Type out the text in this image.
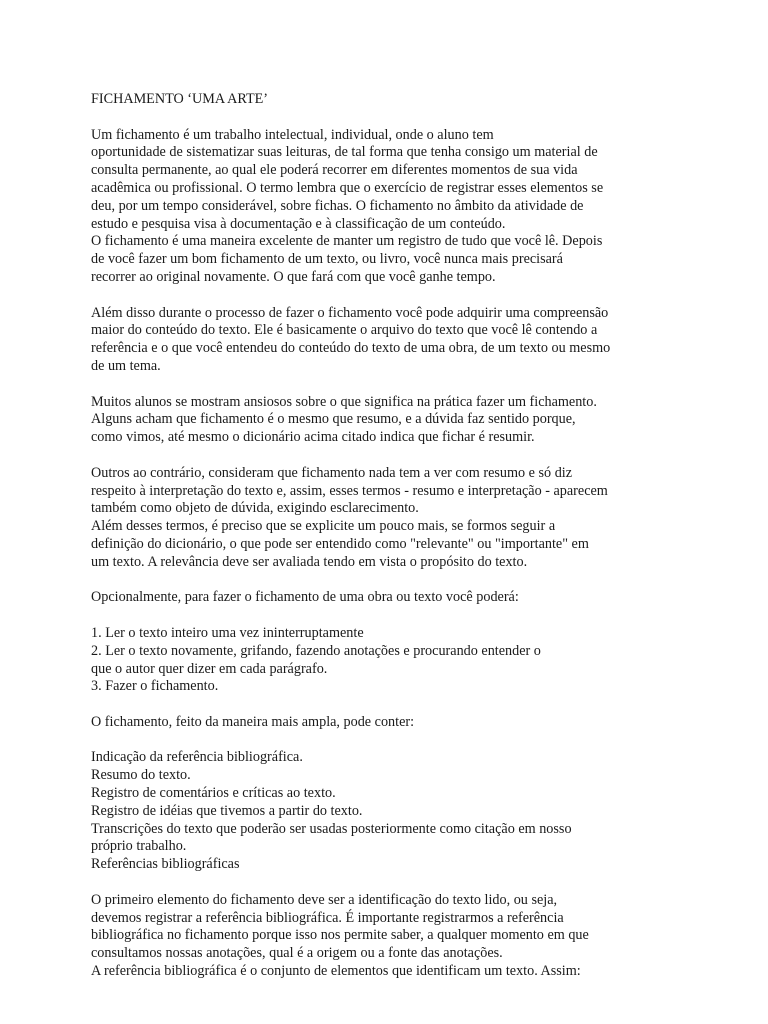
FICHAMENTO ‘UMA ARTE’
Um fichamento é um trabalho intelectual, individual, onde o aluno tem
oportunidade de sistematizar suas leituras, de tal forma que tenha consigo um material de
consulta permanente, ao qual ele poderá recorrer em diferentes momentos de sua vida
acadêmica ou profissional. O termo lembra que o exercício de registrar esses elementos se
deu, por um tempo considerável, sobre fichas. O fichamento no âmbito da atividade de
estudo e pesquisa visa à documentação e à classificação de um conteúdo.
O fichamento é uma maneira excelente de manter um registro de tudo que você lê. Depois
de você fazer um bom fichamento de um texto, ou livro, você nunca mais precisará
recorrer ao original novamente. O que fará com que você ganhe tempo.
Além disso durante o processo de fazer o fichamento você pode adquirir uma compreensão
maior do conteúdo do texto. Ele é basicamente o arquivo do texto que você lê contendo a
referência e o que você entendeu do conteúdo do texto de uma obra, de um texto ou mesmo
de um tema.
Muitos alunos se mostram ansiosos sobre o que significa na prática fazer um fichamento.
Alguns acham que fichamento é o mesmo que resumo, e a dúvida faz sentido porque,
como vimos, até mesmo o dicionário acima citado indica que fichar é resumir.
Outros ao contrário, consideram que fichamento nada tem a ver com resumo e só diz
respeito à interpretação do texto e, assim, esses termos - resumo e interpretação - aparecem
também como objeto de dúvida, exigindo esclarecimento.
Além desses termos, é preciso que se explicite um pouco mais, se formos seguir a
definição do dicionário, o que pode ser entendido como "relevante" ou "importante" em
um texto. A relevância deve ser avaliada tendo em vista o propósito do texto.
Opcionalmente, para fazer o fichamento de uma obra ou texto você poderá:
1. Ler o texto inteiro uma vez ininterruptamente
2. Ler o texto novamente, grifando, fazendo anotações e procurando entender o
que o autor quer dizer em cada parágrafo.
3. Fazer o fichamento.
O fichamento, feito da maneira mais ampla, pode conter:
Indicação da referência bibliográfica.
Resumo do texto.
Registro de comentários e críticas ao texto.
Registro de idéias que tivemos a partir do texto.
Transcrições do texto que poderão ser usadas posteriormente como citação em nosso
próprio trabalho.
Referências bibliográficas
O primeiro elemento do fichamento deve ser a identificação do texto lido, ou seja,
devemos registrar a referência bibliográfica. É importante registrarmos a referência
bibliográfica no fichamento porque isso nos permite saber, a qualquer momento em que
consultamos nossas anotações, qual é a origem ou a fonte das anotações.
A referência bibliográfica é o conjunto de elementos que identificam um texto. Assim:
